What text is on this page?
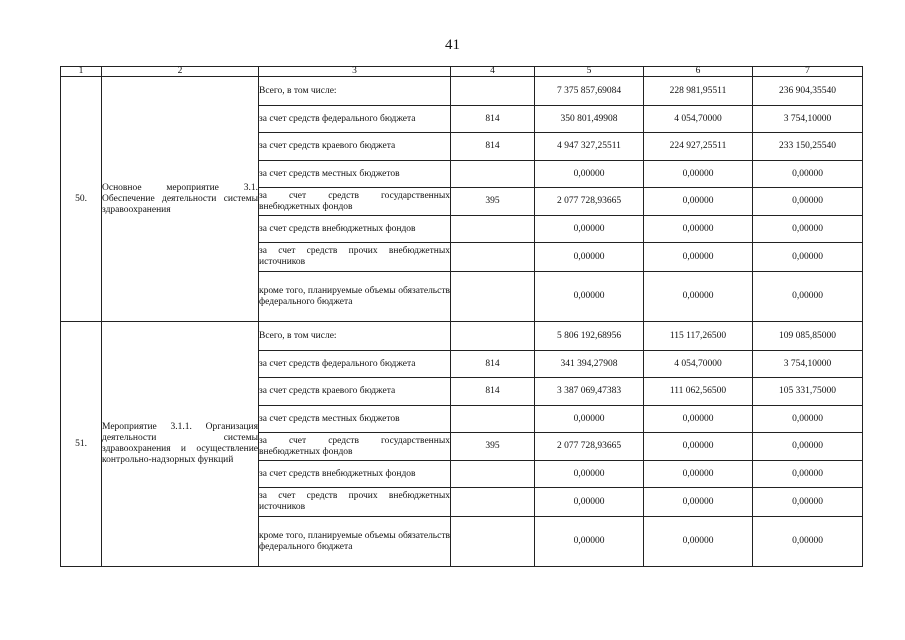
41
1	2	3	4	5	6	7
50.	Основное мероприятие 3.1. Обеспечение деятельности системы здравоохранения	Всего, в том числе:		7 375 857,69084	228 981,95511	236 904,35540
		за счет средств федерального бюджета	814	350 801,49908	4 054,70000	3 754,10000
		за счет средств краевого бюджета	814	4 947 327,25511	224 927,25511	233 150,25540
		за счет средств местных бюджетов		0,00000	0,00000	0,00000
		за счет средств государственных внебюджетных фондов	395	2 077 728,93665	0,00000	0,00000
		за счет средств внебюджетных фондов		0,00000	0,00000	0,00000
		за счет средств прочих внебюджетных источников		0,00000	0,00000	0,00000
		кроме того, планируемые объемы обязательств федерального бюджета		0,00000	0,00000	0,00000
51.	Мероприятие 3.1.1. Организация деятельности системы здравоохранения и осуществление контрольно-надзорных функций	Всего, в том числе:		5 806 192,68956	115 117,26500	109 085,85000
		за счет средств федерального бюджета	814	341 394,27908	4 054,70000	3 754,10000
		за счет средств краевого бюджета	814	3 387 069,47383	111 062,56500	105 331,75000
		за счет средств местных бюджетов		0,00000	0,00000	0,00000
		за счет средств государственных внебюджетных фондов	395	2 077 728,93665	0,00000	0,00000
		за счет средств внебюджетных фондов		0,00000	0,00000	0,00000
		за счет средств прочих внебюджетных источников		0,00000	0,00000	0,00000
		кроме того, планируемые объемы обязательств федерального бюджета		0,00000	0,00000	0,00000
